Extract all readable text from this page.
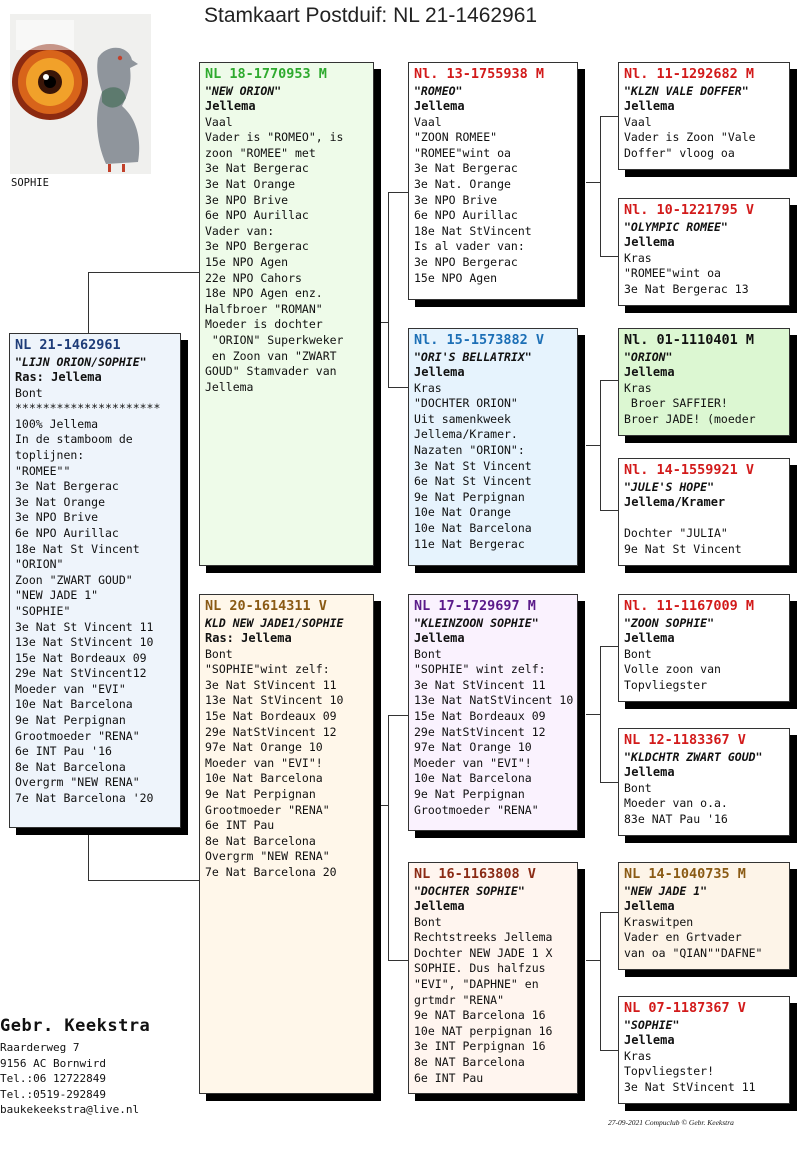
Stamkaart Postduif: NL 21-1462961
SOPHIE
NL 21-1462961
"LIJN ORION/SOPHIE"
Ras: Jellema
Bont
*********************
100% Jellema
In de stamboom de
toplijnen:
"ROMEE""
3e Nat Bergerac
3e Nat Orange
3e NPO Brive
6e NPO Aurillac
18e Nat St Vincent
"ORION"
Zoon "ZWART GOUD"
"NEW JADE 1"
"SOPHIE"
3e Nat St Vincent 11
13e Nat StVincent 10
15e Nat Bordeaux 09
29e Nat StVincent12
Moeder van "EVI"
10e Nat Barcelona
9e Nat Perpignan
Grootmoeder "RENA"
6e INT Pau '16
8e Nat Barcelona
Overgrm "NEW RENA"
7e Nat Barcelona '20
NL 18-1770953 M
"NEW ORION"
Jellema
Vaal
Vader is "ROMEO", is
zoon "ROMEE" met
3e Nat Bergerac
3e Nat Orange
3e NPO Brive
6e NPO Aurillac
Vader van:
3e NPO Bergerac
15e NPO Agen
22e NPO Cahors
18e NPO Agen enz.
Halfbroer "ROMAN"
Moeder is dochter
"ORION" Superkweker
en Zoon van "ZWART
GOUD" Stamvader van
Jellema
NL 20-1614311 V
KLD NEW JADE1/SOPHIE
Ras: Jellema
Bont
"SOPHIE"wint zelf:
3e Nat StVincent 11
13e Nat StVincent 10
15e Nat Bordeaux 09
29e NatStVincent 12
97e Nat Orange 10
Moeder van "EVI"!
10e Nat Barcelona
9e Nat Perpignan
Grootmoeder "RENA"
6e INT Pau
8e Nat Barcelona
Overgrm "NEW RENA"
7e Nat Barcelona 20
Nl. 13-1755938 M
"ROMEO"
Jellema
Vaal
"ZOON ROMEE"
"ROMEE"wint oa
3e Nat Bergerac
3e Nat. Orange
3e NPO Brive
6e NPO Aurillac
18e Nat StVincent
Is al vader van:
3e NPO Bergerac
15e NPO Agen
Nl. 15-1573882 V
"ORI'S BELLATRIX"
Jellema
Kras
"DOCHTER ORION"
Uit samenkweek
Jellema/Kramer.
Nazaten "ORION":
3e Nat St Vincent
6e Nat St Vincent
9e Nat Perpignan
10e Nat Orange
10e Nat Barcelona
11e Nat Bergerac
NL 17-1729697 M
"KLEINZOON SOPHIE"
Jellema
Bont
"SOPHIE" wint zelf:
3e Nat StVincent 11
13e Nat NatStVincent 10
15e Nat Bordeaux 09
29e NatStVincent 12
97e Nat Orange 10
Moeder van "EVI"!
10e Nat Barcelona
9e Nat Perpignan
Grootmoeder "RENA"
NL 16-1163808 V
"DOCHTER SOPHIE"
Jellema
Bont
Rechtstreeks Jellema
Dochter NEW JADE 1 X
SOPHIE. Dus halfzus
"EVI", "DAPHNE" en
grtmdr "RENA"
9e NAT Barcelona 16
10e NAT perpignan 16
3e INT Perpignan 16
8e NAT Barcelona
6e INT Pau
Nl. 11-1292682 M
"KLZN VALE DOFFER"
Jellema
Vaal
Vader is Zoon "Vale
Doffer" vloog oa
Nl. 10-1221795 V
"OLYMPIC ROMEE"
Jellema
Kras
"ROMEE"wint oa
3e Nat Bergerac 13
Nl. 01-1110401 M
"ORION"
Jellema
Kras
Broer SAFFIER!
Broer JADE! (moeder
Nl. 14-1559921 V
"JULE'S HOPE"
Jellema/Kramer

Dochter "JULIA"
9e Nat St Vincent
Nl. 11-1167009 M
"ZOON SOPHIE"
Jellema
Bont
Volle zoon van
Topvliegster
NL 12-1183367 V
"KLDCHTR ZWART GOUD"
Jellema
Bont
Moeder van o.a.
83e NAT Pau '16
NL 14-1040735 M
"NEW JADE 1"
Jellema
Kraswitpen
Vader en Grtvader
van oa "QIAN""DAFNE"
NL 07-1187367 V
"SOPHIE"
Jellema
Kras
Topvliegster!
3e Nat StVincent 11
Gebr. Keekstra
Raarderweg 7
9156 AC Bornwird
Tel.:06 12722849
Tel.:0519-292849
baukekeekstra@live.nl
27-09-2021 Compuclub © Gebr. Keekstra
